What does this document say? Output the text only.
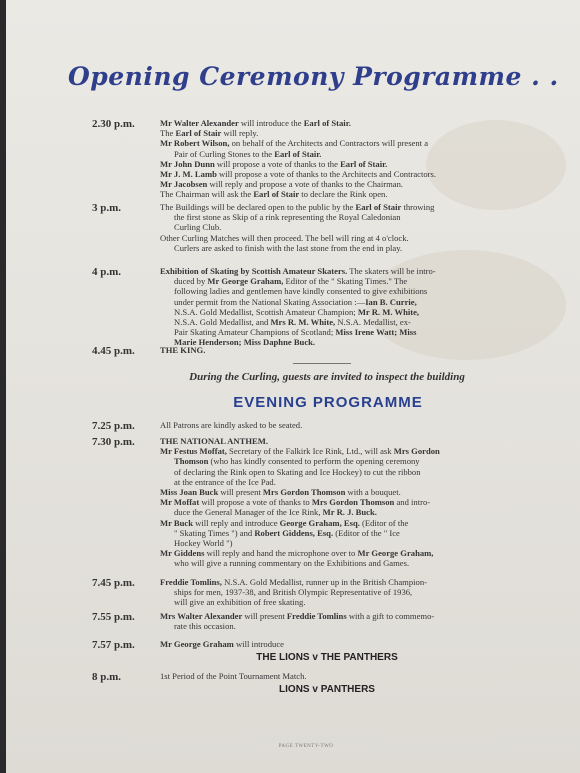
Opening Ceremony Programme . .
2.30 p.m.	Mr Walter Alexander will introduce the Earl of Stair.

The Earl of Stair will reply.

Mr Robert Wilson, on behalf of the Architects and Contractors will present a

Pair of Curling Stones to the Earl of Stair.

Mr John Dunn will propose a vote of thanks to the Earl of Stair.

Mr J. M. Lamb will propose a vote of thanks to the Architects and Contractors.

Mr Jacobsen will reply and propose a vote of thanks to the Chairman.

The Chairman will ask the Earl of Stair to declare the Rink open.

3 p.m.	The Buildings will be declared open to the public by the Earl of Stair throwing

the first stone as Skip of a rink representing the Royal Caledonian

Curling Club.

Other Curling Matches will then proceed. The bell will ring at 4 o'clock.

Curlers are asked to finish with the last stone from the end in play.

4 p.m.	Exhibition of Skating by Scottish Amateur Skaters. The skaters will be intro-

duced by Mr George Graham, Editor of the " Skating Times." The

following ladies and gentlemen have kindly consented to give exhibitions

under permit from the National Skating Association :—Ian B. Currie,

N.S.A. Gold Medallist, Scottish Amateur Champion; Mr R. M. White,

N.S.A. Gold Medallist, and Mrs R. M. White, N.S.A. Medallist, ex-

Pair Skating Amateur Champions of Scotland; Miss Irene Watt; Miss

Marie Henderson; Miss Daphne Buck.

4.45 p.m.	THE KING.

During the Curling, guests are invited to inspect the building
EVENING PROGRAMME
7.25 p.m.	All Patrons are kindly asked to be seated.

7.30 p.m.	THE NATIONAL ANTHEM.

Mr Festus Moffat, Secretary of the Falkirk Ice Rink, Ltd., will ask Mrs Gordon

Thomson (who has kindly consented to perform the opening ceremony

of declaring the Rink open to Skating and Ice Hockey) to cut the ribbon

at the entrance of the Ice Pad.

Miss Joan Buck will present Mrs Gordon Thomson with a bouquet.

Mr Moffat will propose a vote of thanks to Mrs Gordon Thomson and intro-

duce the General Manager of the Ice Rink, Mr R. J. Buck.

Mr Buck will reply and introduce George Graham, Esq. (Editor of the

" Skating Times ") and Robert Giddens, Esq. (Editor of the " Ice

Hockey World ")

Mr Giddens will reply and hand the microphone over to Mr George Graham,

who will give a running commentary on the Exhibitions and Games.

7.45 p.m.	Freddie Tomlins, N.S.A. Gold Medallist, runner up in the British Champion-

ships for men, 1937-38, and British Olympic Representative of 1936,

will give an exhibition of free skating.

7.55 p.m.	Mrs Walter Alexander will present Freddie Tomlins with a gift to commemo-

rate this occasion.

7.57 p.m.	Mr George Graham will introduce

THE LIONS v THE PANTHERS
8 p.m.	1st Period of the Point Tournament Match.

LIONS v PANTHERS
PAGE TWENTY-TWO
